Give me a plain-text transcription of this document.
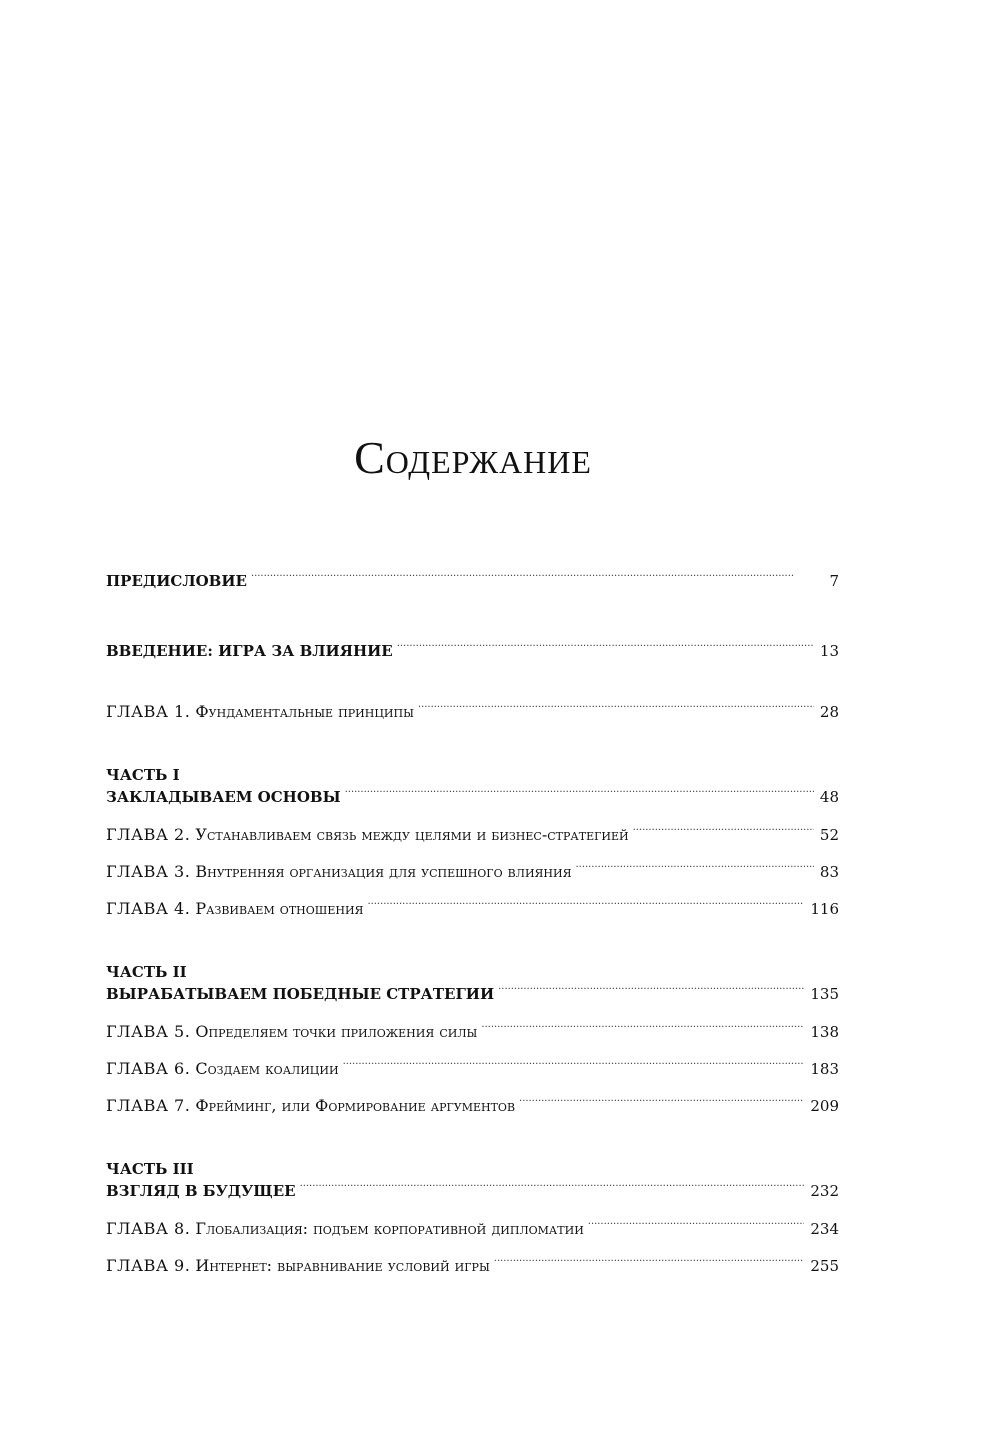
Содержание
ПРЕДИСЛОВИЕ . . .	7
ВВЕДЕНИЕ: ИГРА ЗА ВЛИЯНИЕ . . .	13
ГЛАВА 1. Фундаментальные принципы . . .	28
ЧАСТЬ I
ЗАКЛАДЫВАЕМ ОСНОВЫ . . .	48
ГЛАВА 2. Устанавливаем связь между целями и бизнес-стратегией . . .	52
ГЛАВА 3. Внутренняя организация для успешного влияния . . .	83
ГЛАВА 4. Развиваем отношения . . .	116
ЧАСТЬ II
ВЫРАБАТЫВАЕМ ПОБЕДНЫЕ СТРАТЕГИИ . . .	135
ГЛАВА 5. Определяем точки приложения силы . . .	138
ГЛАВА 6. Создаем коалиции . . .	183
ГЛАВА 7. Фрейминг, или Формирование аргументов . . .	209
ЧАСТЬ III
ВЗГЛЯД В БУДУЩЕЕ . . .	232
ГЛАВА 8. Глобализация: подъем корпоративной дипломатии . . .	234
ГЛАВА 9. Интернет: выравнивание условий игры . . .	255
